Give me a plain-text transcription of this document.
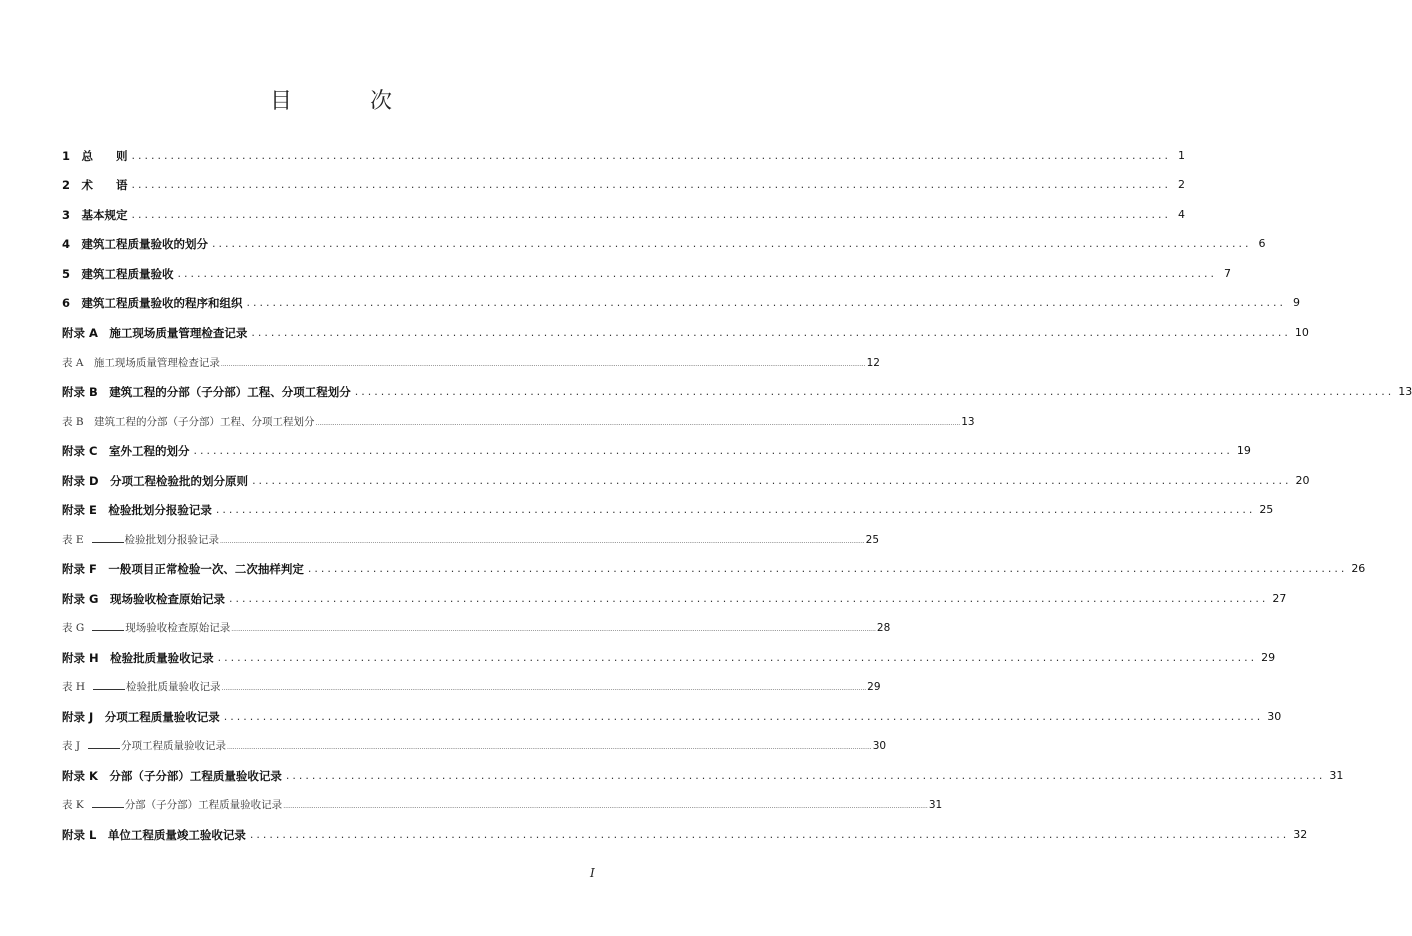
目　次
1　总　　则 ................................................................................................................................................................ 1
2　术　　语 ................................................................................................................................................................ 2
3　基本规定 ................................................................................................................................................................ 4
4　建筑工程质量验收的划分 ................................................................................................................................................................ 6
5　建筑工程质量验收 ................................................................................................................................................................ 7
6　建筑工程质量验收的程序和组织 ................................................................................................................................................................ 9
附录 A　施工现场质量管理检查记录 ................................................................................................................................................................ 10
表 A　施工现场质量管理检查记录 .................................................................................................................................................................................................................................................................................................................................................. 12
附录 B　建筑工程的分部（子分部）工程、分项工程划分 ................................................................................................................................................................ 13
表 B　建筑工程的分部（子分部）工程、分项工程划分 .................................................................................................................................................................................................................................................................................................................................................. 13
附录 C　室外工程的划分 ................................................................................................................................................................ 19
附录 D　分项工程检验批的划分原则 ................................................................................................................................................................ 20
附录 E　检验批划分报验记录 ................................................................................................................................................................ 25
表 E	检验批划分报验记录 .................................................................................................................................................................................................................................................................................................................................................. 25
附录 F　一般项目正常检验一次、二次抽样判定 ................................................................................................................................................................ 26
附录 G　现场验收检查原始记录 ................................................................................................................................................................ 27
表 G	现场验收检查原始记录 .................................................................................................................................................................................................................................................................................................................................................. 28
附录 H　检验批质量验收记录 ................................................................................................................................................................ 29
表 H	检验批质量验收记录 .................................................................................................................................................................................................................................................................................................................................................. 29
附录 J　分项工程质量验收记录 ................................................................................................................................................................ 30
表 J	分项工程质量验收记录 .................................................................................................................................................................................................................................................................................................................................................. 30
附录 K　分部（子分部）工程质量验收记录 ................................................................................................................................................................ 31
表 K	分部（子分部）工程质量验收记录 .................................................................................................................................................................................................................................................................................................................................................. 31
附录 L　单位工程质量竣工验收记录 ................................................................................................................................................................ 32
I
